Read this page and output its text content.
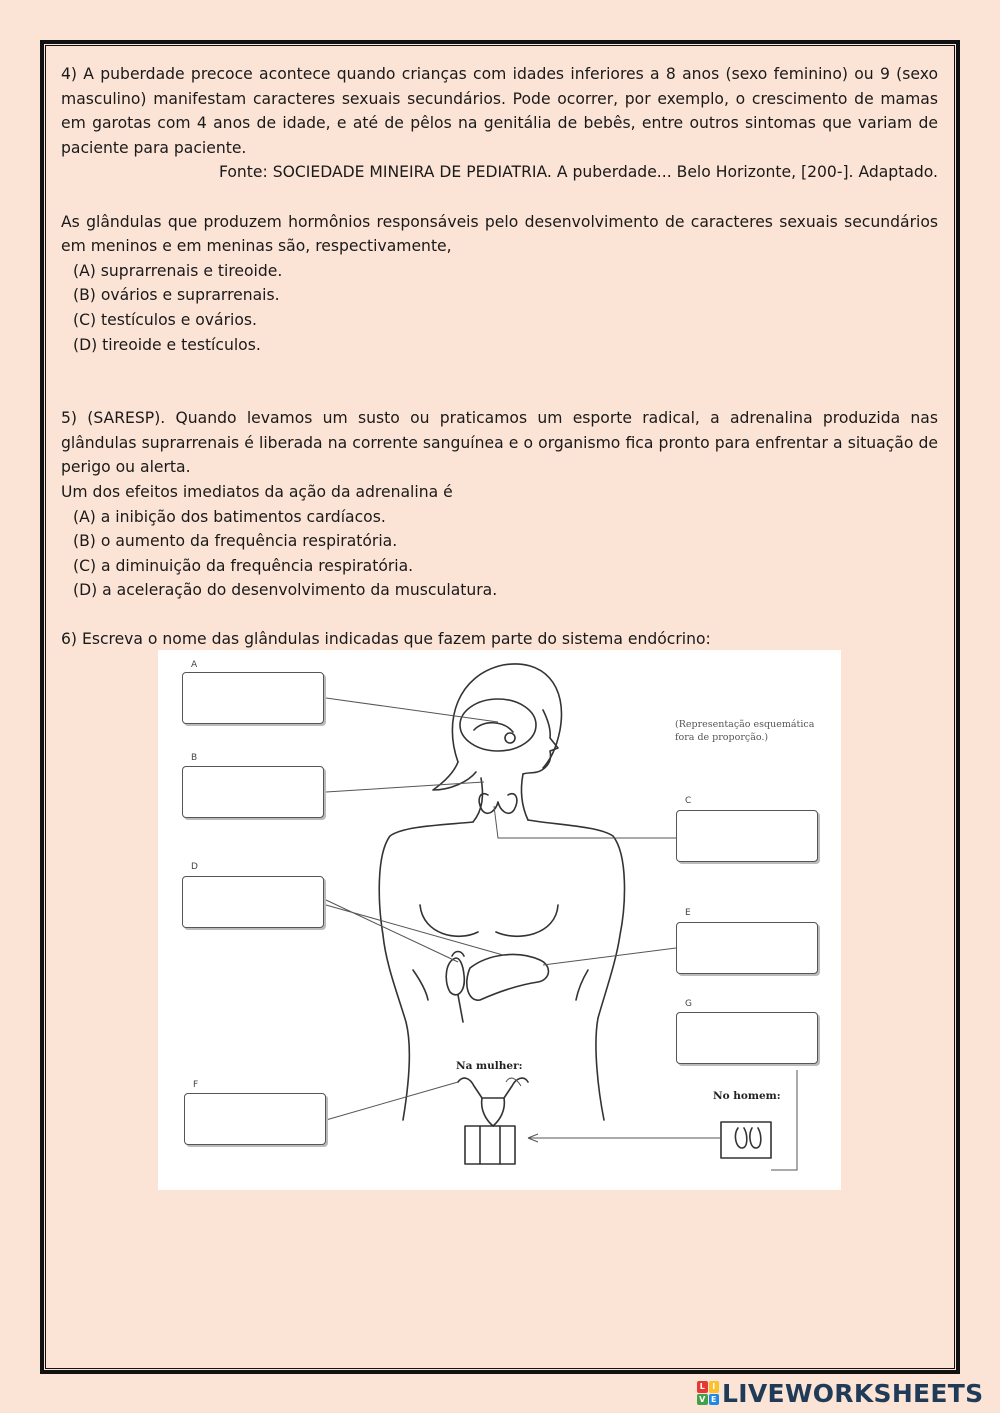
4) A puberdade precoce acontece quando crianças com idades inferiores a 8 anos (sexo feminino) ou 9 (sexo masculino) manifestam caracteres sexuais secundários. Pode ocorrer, por exemplo, o crescimento de mamas em garotas com 4 anos de idade, e até de pêlos na genitália de bebês, entre outros sintomas que variam de paciente para paciente.

Fonte: SOCIEDADE MINEIRA DE PEDIATRIA. A puberdade... Belo Horizonte, [200-]. Adaptado.

As glândulas que produzem hormônios responsáveis pelo desenvolvimento de caracteres sexuais secundários em meninos e em meninas são, respectivamente,

(A) suprarrenais e tireoide.

(B) ovários e suprarrenais.

(C) testículos e ovários.

(D) tireoide e testículos.

5) (SARESP). Quando levamos um susto ou praticamos um esporte radical, a adrenalina produzida nas glândulas suprarrenais é liberada na corrente sanguínea e o organismo fica pronto para enfrentar a situação de perigo ou alerta.

Um dos efeitos imediatos da ação da adrenalina é

(A) a inibição dos batimentos cardíacos.

(B) o aumento da frequência respiratória.

(C) a diminuição da frequência respiratória.

(D) a aceleração do desenvolvimento da musculatura.

6) Escreva o nome das glândulas indicadas que fazem parte do sistema endócrino:

A
B
C
D
E
G
F
(Representação esquemática fora de proporção.)
Na mulher:
No homem:
L I
V E LIVEWORKSHEETS
